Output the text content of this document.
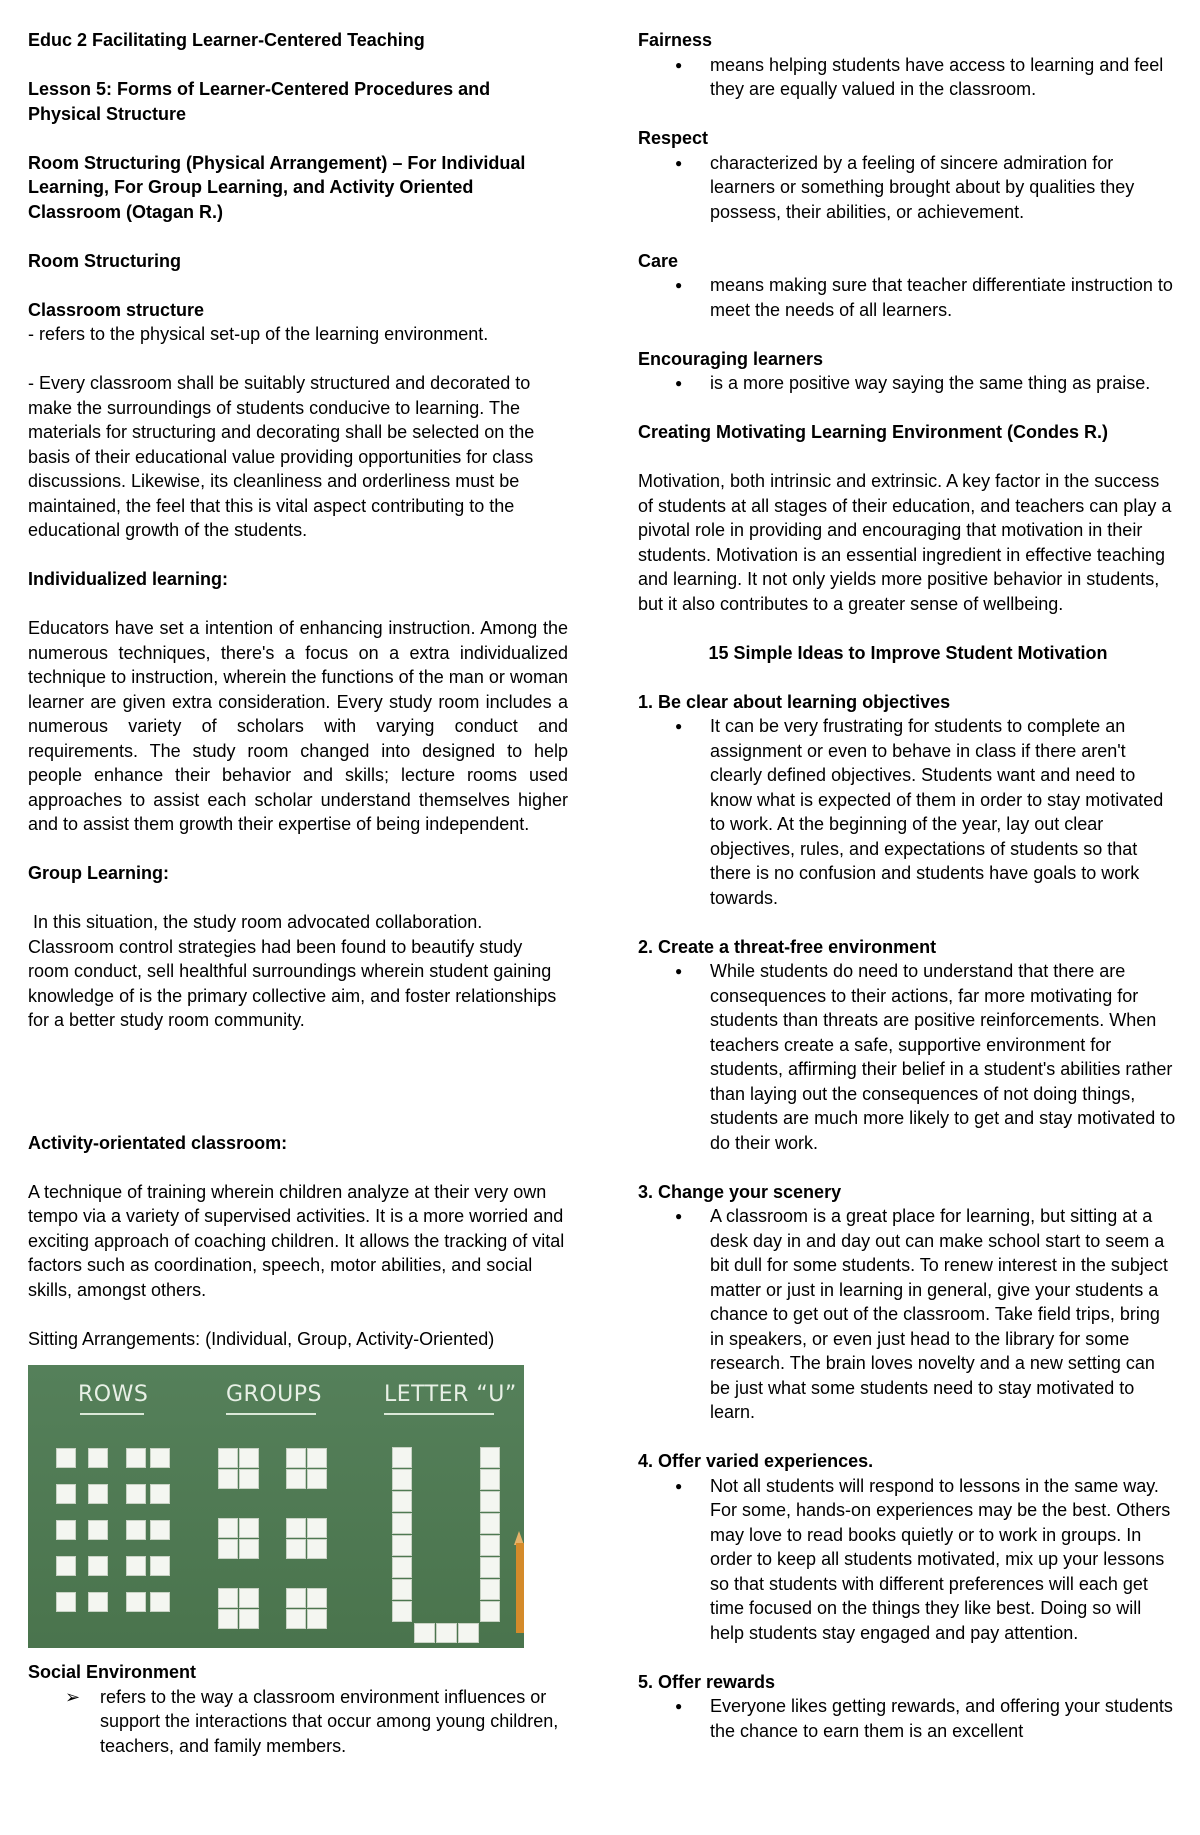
Educ 2 Facilitating Learner-Centered Teaching

Lesson 5: Forms of Learner-Centered Procedures and Physical Structure

Room Structuring (Physical Arrangement) – For Individual Learning, For Group Learning, and Activity Oriented Classroom (Otagan R.)

Room Structuring

Classroom structure

- refers to the physical set-up of the learning environment.

- Every classroom shall be suitably structured and decorated to make the surroundings of students conducive to learning. The materials for structuring and decorating shall be selected on the basis of their educational value providing opportunities for class discussions. Likewise, its cleanliness and orderliness must be maintained, the feel that this is vital aspect contributing to the educational growth of the students.

Individualized learning:

Educators have set a intention of enhancing instruction. Among the numerous techniques, there's a focus on a extra individualized technique to instruction, wherein the functions of the man or woman learner are given extra consideration. Every study room includes a numerous variety of scholars with varying conduct and requirements. The study room changed into designed to help people enhance their behavior and skills; lecture rooms used approaches to assist each scholar understand themselves higher and to assist them growth their expertise of being independent.

Group Learning:

In this situation, the study room advocated collaboration. Classroom control strategies had been found to beautify study room conduct, sell healthful surroundings wherein student gaining knowledge of is the primary collective aim, and foster relationships for a better study room community.

Activity-orientated classroom:

A technique of training wherein children analyze at their very own tempo via a variety of supervised activities. It is a more worried and exciting approach of coaching children. It allows the tracking of vital factors such as coordination, speech, motor abilities, and social skills, amongst others.

Sitting Arrangements: (Individual, Group, Activity-Oriented)

ROWS	GROUPS	LETTER “U”

Social Environment

➢ refers to the way a classroom environment influences or support the interactions that occur among young children, teachers, and family members.

Fairness

● means helping students have access to learning and feel they are equally valued in the classroom.

Respect

● characterized by a feeling of sincere admiration for learners or something brought about by qualities they possess, their abilities, or achievement.

Care

● means making sure that teacher differentiate instruction to meet the needs of all learners.

Encouraging learners

● is a more positive way saying the same thing as praise.

Creating Motivating Learning Environment (Condes R.)

Motivation, both intrinsic and extrinsic. A key factor in the success of students at all stages of their education, and teachers can play a pivotal role in providing and encouraging that motivation in their students. Motivation is an essential ingredient in effective teaching and learning. It not only yields more positive behavior in students, but it also contributes to a greater sense of wellbeing.

15 Simple Ideas to Improve Student Motivation

1. Be clear about learning objectives

● It can be very frustrating for students to complete an assignment or even to behave in class if there aren't clearly defined objectives. Students want and need to know what is expected of them in order to stay motivated to work. At the beginning of the year, lay out clear objectives, rules, and expectations of students so that there is no confusion and students have goals to work towards.

2. Create a threat-free environment

● While students do need to understand that there are consequences to their actions, far more motivating for students than threats are positive reinforcements. When teachers create a safe, supportive environment for students, affirming their belief in a student's abilities rather than laying out the consequences of not doing things, students are much more likely to get and stay motivated to do their work.

3. Change your scenery

● A classroom is a great place for learning, but sitting at a desk day in and day out can make school start to seem a bit dull for some students. To renew interest in the subject matter or just in learning in general, give your students a chance to get out of the classroom. Take field trips, bring in speakers, or even just head to the library for some research. The brain loves novelty and a new setting can be just what some students need to stay motivated to learn.

4. Offer varied experiences.

● Not all students will respond to lessons in the same way. For some, hands-on experiences may be the best. Others may love to read books quietly or to work in groups. In order to keep all students motivated, mix up your lessons so that students with different preferences will each get time focused on the things they like best. Doing so will help students stay engaged and pay attention.

5. Offer rewards

● Everyone likes getting rewards, and offering your students the chance to earn them is an excellent
